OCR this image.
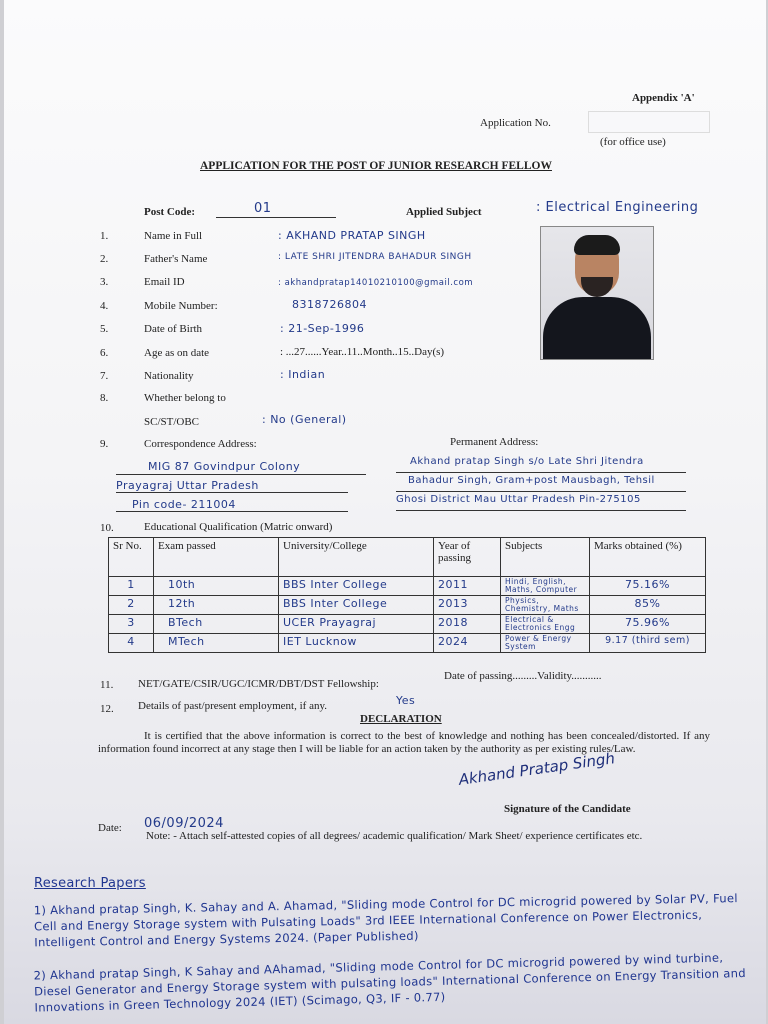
Appendix 'A'
Application No.
(for office use)
APPLICATION FOR THE POST OF JUNIOR RESEARCH FELLOW
Post Code:	01	Applied Subject	: Electrical Engineering
1.	Name in Full	: AKHAND PRATAP SINGH
2.	Father's Name	: LATE SHRI JITENDRA BAHADUR SINGH
3.	Email ID	: akhandpratap14010210100@gmail.com
4.	Mobile Number:	8318726804
5.	Date of Birth	: 21-Sep-1996
6.	Age as on date	: ...27......Year..11..Month..15..Day(s)
7.	Nationality	: Indian
8.	Whether belong to
SC/ST/OBC	: No (General)
9.	Correspondence Address:	Permanent Address:
MIG 87 Govindpur Colony
Prayagraj Uttar Pradesh
Pin code- 211004
Akhand pratap Singh s/o Late Shri Jitendra
Bahadur Singh, Gram+post Mausbagh, Tehsil
Ghosi District Mau Uttar Pradesh Pin-275105
10.	Educational Qualification (Matric onward)
Sr No.	Exam passed	University/College	Year of passing	Subjects	Marks obtained (%)
1	10th	BBS Inter College	2011	Hindi, English, Maths, Computer	75.16%
2	12th	BBS Inter College	2013	Physics, Chemistry, Maths	85%
3	BTech	UCER Prayagraj	2018	Electrical & Electronics Engg	75.96%
4	MTech	IET Lucknow	2024	Power & Energy System	9.17 (third sem)
11. NET/GATE/CSIR/UGC/ICMR/DBT/DST Fellowship:
Date of passing.........Validity...........
12. Details of past/present employment, if any.	Yes
DECLARATION
It is certified that the above information is correct to the best of knowledge and nothing has been concealed/distorted. If any information found incorrect at any stage then I will be liable for an action taken by the authority as per existing rules/Law.
Akhand Pratap Singh
Signature of the Candidate
Date: 06/09/2024
Note: - Attach self-attested copies of all degrees/ academic qualification/ Mark Sheet/ experience certificates etc.
Research Papers
1) Akhand pratap Singh, K. Sahay and A. Ahamad, "Sliding mode Control for DC microgrid powered by Solar PV, Fuel Cell and Energy Storage system with Pulsating Loads" 3rd IEEE International Conference on Power Electronics, Intelligent Control and Energy Systems 2024. (Paper Published)
2) Akhand pratap Singh, K Sahay and AAhamad, "Sliding mode Control for DC microgrid powered by wind turbine, Diesel Generator and Energy Storage system with pulsating loads" International Conference on Energy Transition and Innovations in Green Technology 2024 (IET) (Scimago, Q3, IF - 0.77)
